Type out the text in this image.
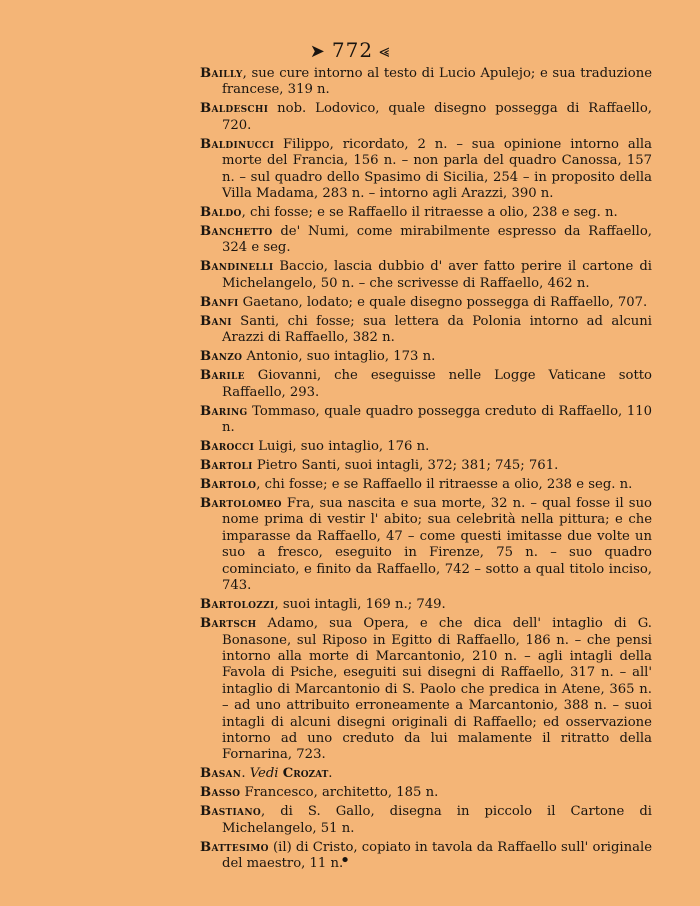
➤ 772 ⪡

Bailly, sue cure intorno al testo di Lucio Apulejo; e sua traduzione francese, 319 n.

Baldeschi nob. Lodovico, quale disegno possegga di Raffaello, 720.

Baldinucci Filippo, ricordato, 2 n. – sua opinione intorno alla morte del Francia, 156 n. – non parla del quadro Canossa, 157 n. – sul quadro dello Spasimo di Sicilia, 254 – in proposito della Villa Madama, 283 n. – intorno agli Arazzi, 390 n.

Baldo, chi fosse; e se Raffaello il ritraesse a olio, 238 e seg. n.

Banchetto de' Numi, come mirabilmente espresso da Raffaello, 324 e seg.

Bandinelli Baccio, lascia dubbio d' aver fatto perire il cartone di Michelangelo, 50 n. – che scrivesse di Raffaello, 462 n.

Banfi Gaetano, lodato; e quale disegno possegga di Raffaello, 707.

Bani Santi, chi fosse; sua lettera da Polonia intorno ad alcuni Arazzi di Raffaello, 382 n.

Banzo Antonio, suo intaglio, 173 n.

Barile Giovanni, che eseguisse nelle Logge Vaticane sotto Raffaello, 293.

Baring Tommaso, quale quadro possegga creduto di Raffaello, 110 n.

Barocci Luigi, suo intaglio, 176 n.

Bartoli Pietro Santi, suoi intagli, 372; 381; 745; 761.

Bartolo, chi fosse; e se Raffaello il ritraesse a olio, 238 e seg. n.

Bartolomeo Fra, sua nascita e sua morte, 32 n. – qual fosse il suo nome prima di vestir l' abito; sua celebrità nella pittura; e che imparasse da Raffaello, 47 – come questi imitasse due volte un suo a fresco, eseguito in Firenze, 75 n. – suo quadro cominciato, e finito da Raffaello, 742 – sotto a qual titolo inciso, 743.

Bartolozzi, suoi intagli, 169 n.; 749.

Bartsch Adamo, sua Opera, e che dica dell' intaglio di G. Bonasone, sul Riposo in Egitto di Raffaello, 186 n. – che pensi intorno alla morte di Marcantonio, 210 n. – agli intagli della Favola di Psiche, eseguiti sui disegni di Raffaello, 317 n. – all' intaglio di Marcantonio di S. Paolo che predica in Atene, 365 n. – ad uno attribuito erroneamente a Marcantonio, 388 n. – suoi intagli di alcuni disegni originali di Raffaello; ed osservazione intorno ad uno creduto da lui malamente il ritratto della Fornarina, 723.

Basan. Vedi Crozat.

Basso Francesco, architetto, 185 n.

Bastiano, di S. Gallo, disegna in piccolo il Cartone di Michelangelo, 51 n.

Battesimo (il) di Cristo, copiato in tavola da Raffaello sull' originale del maestro, 11 n.

•
